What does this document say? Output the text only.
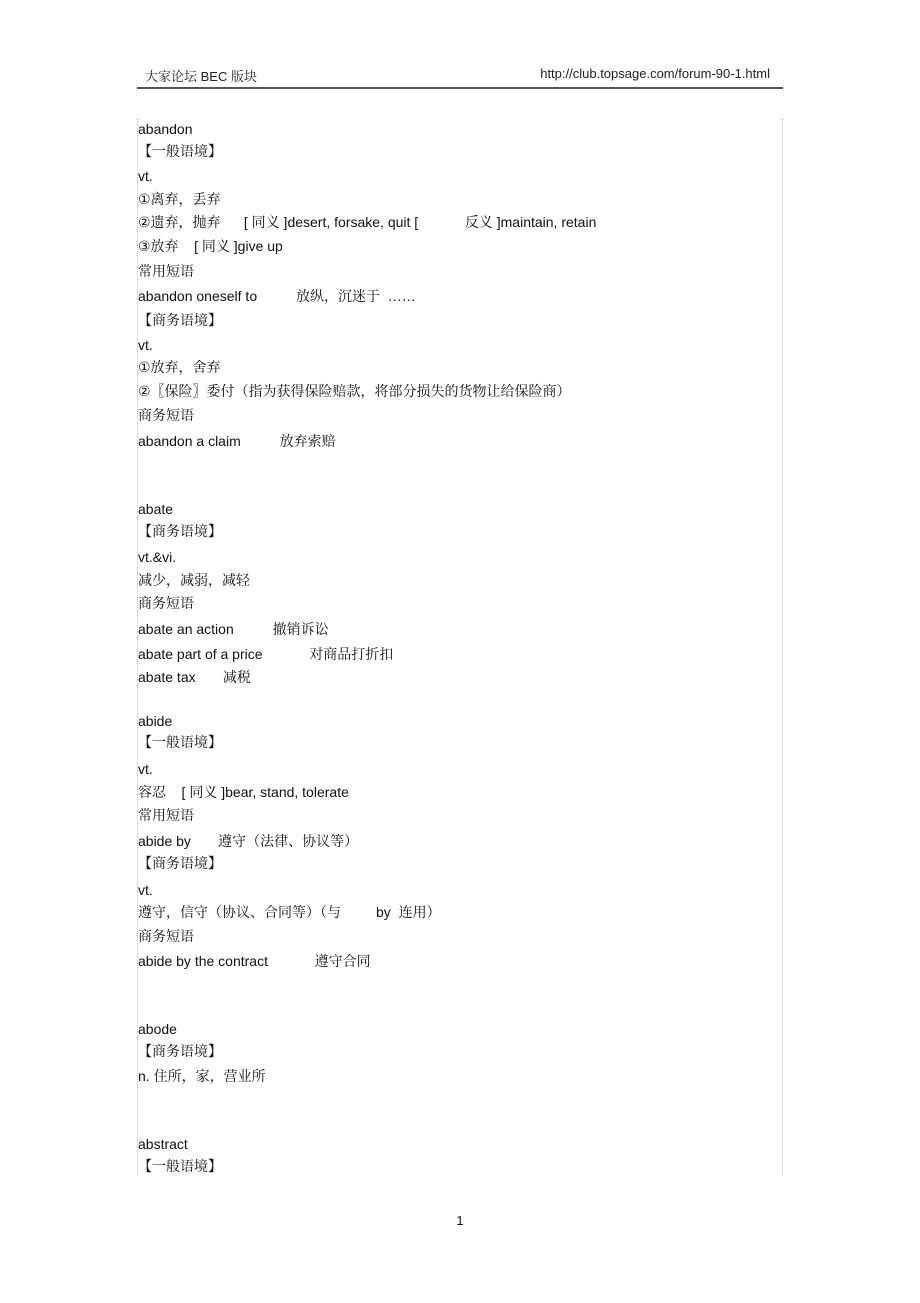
大家论坛 BEC 版块	http://club.topsage.com/forum-90-1.html
abandon
【一般语境】
vt.
①离弃，丢弃
②遗弃，抛弃      [ 同义 ]desert, forsake, quit [            反义 ]maintain, retain
③放弃    [ 同义 ]give up
常用短语
abandon oneself to          放纵，沉迷于  ……
【商务语境】
vt.
①放弃，舍弃
②〖保险〗委付（指为获得保险赔款，将部分损失的货物让给保险商）
商务短语
abandon a claim          放弃索赔
abate
【商务语境】
vt.&vi.
减少，减弱，减轻
商务短语
abate an action          撤销诉讼
abate part of a price            对商品打折扣
abate tax       减税
abide
【一般语境】
vt.
容忍    [ 同义 ]bear, stand, tolerate
常用短语
abide by       遵守（法律、协议等）
【商务语境】
vt.
遵守，信守（协议、合同等）（与         by  连用）
商务短语
abide by the contract            遵守合同
abode
【商务语境】
n. 住所，家，营业所
abstract
【一般语境】
1
